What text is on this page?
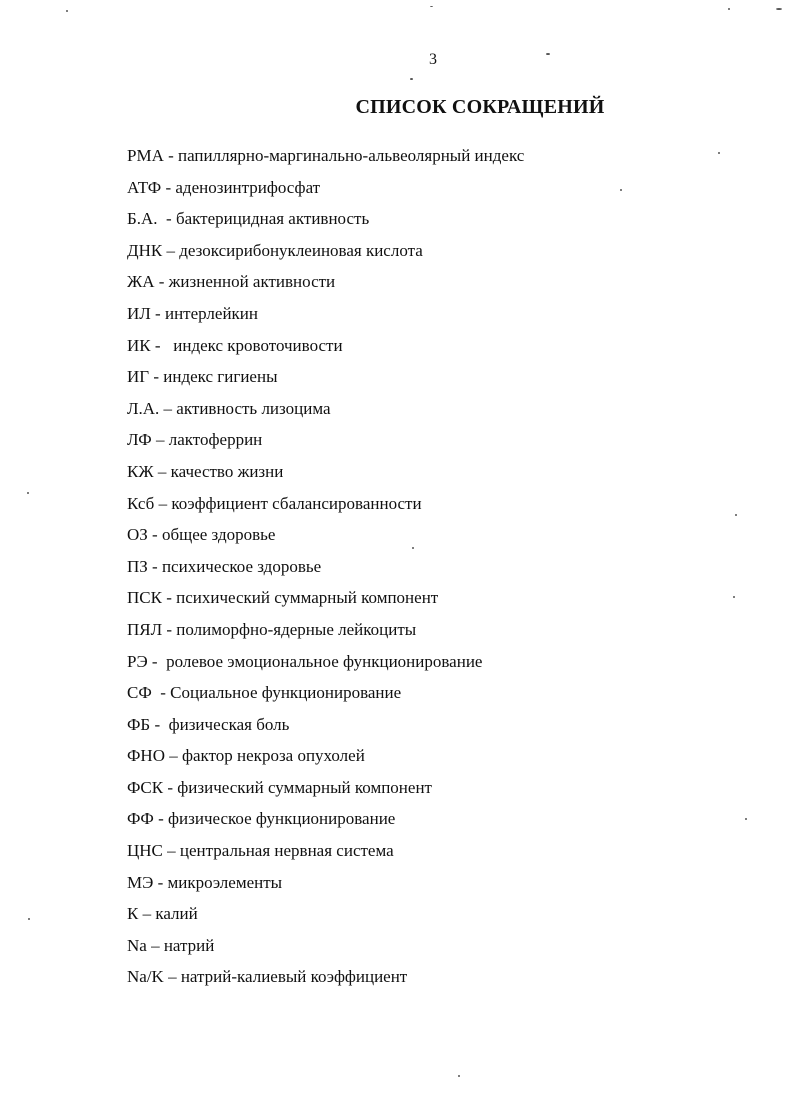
3
СПИСОК СОКРАЩЕНИЙ
РМА - папиллярно-маргинально-альвеолярный индекс
АТФ - аденозинтрифосфат
Б.А.  - бактерицидная активность
ДНК – дезоксирибонуклеиновая кислота
ЖА - жизненной активности
ИЛ - интерлейкин
ИК -   индекс кровоточивости
ИГ - индекс гигиены
Л.А. – активность лизоцима
ЛФ – лактоферрин
КЖ – качество жизни
Ксб – коэффициент сбалансированности
ОЗ - общее здоровье
ПЗ - психическое здоровье
ПСК - психический суммарный компонент
ПЯЛ - полиморфно-ядерные лейкоциты
РЭ -  ролевое эмоциональное функционирование
СФ  - Социальное функционирование
ФБ -  физическая боль
ФНО – фактор некроза опухолей
ФСК - физический суммарный компонент
ФФ - физическое функционирование
ЦНС – центральная нервная система
МЭ - микроэлементы
К – калий
Na – натрий
Na/K – натрий-калиевый коэффициент
